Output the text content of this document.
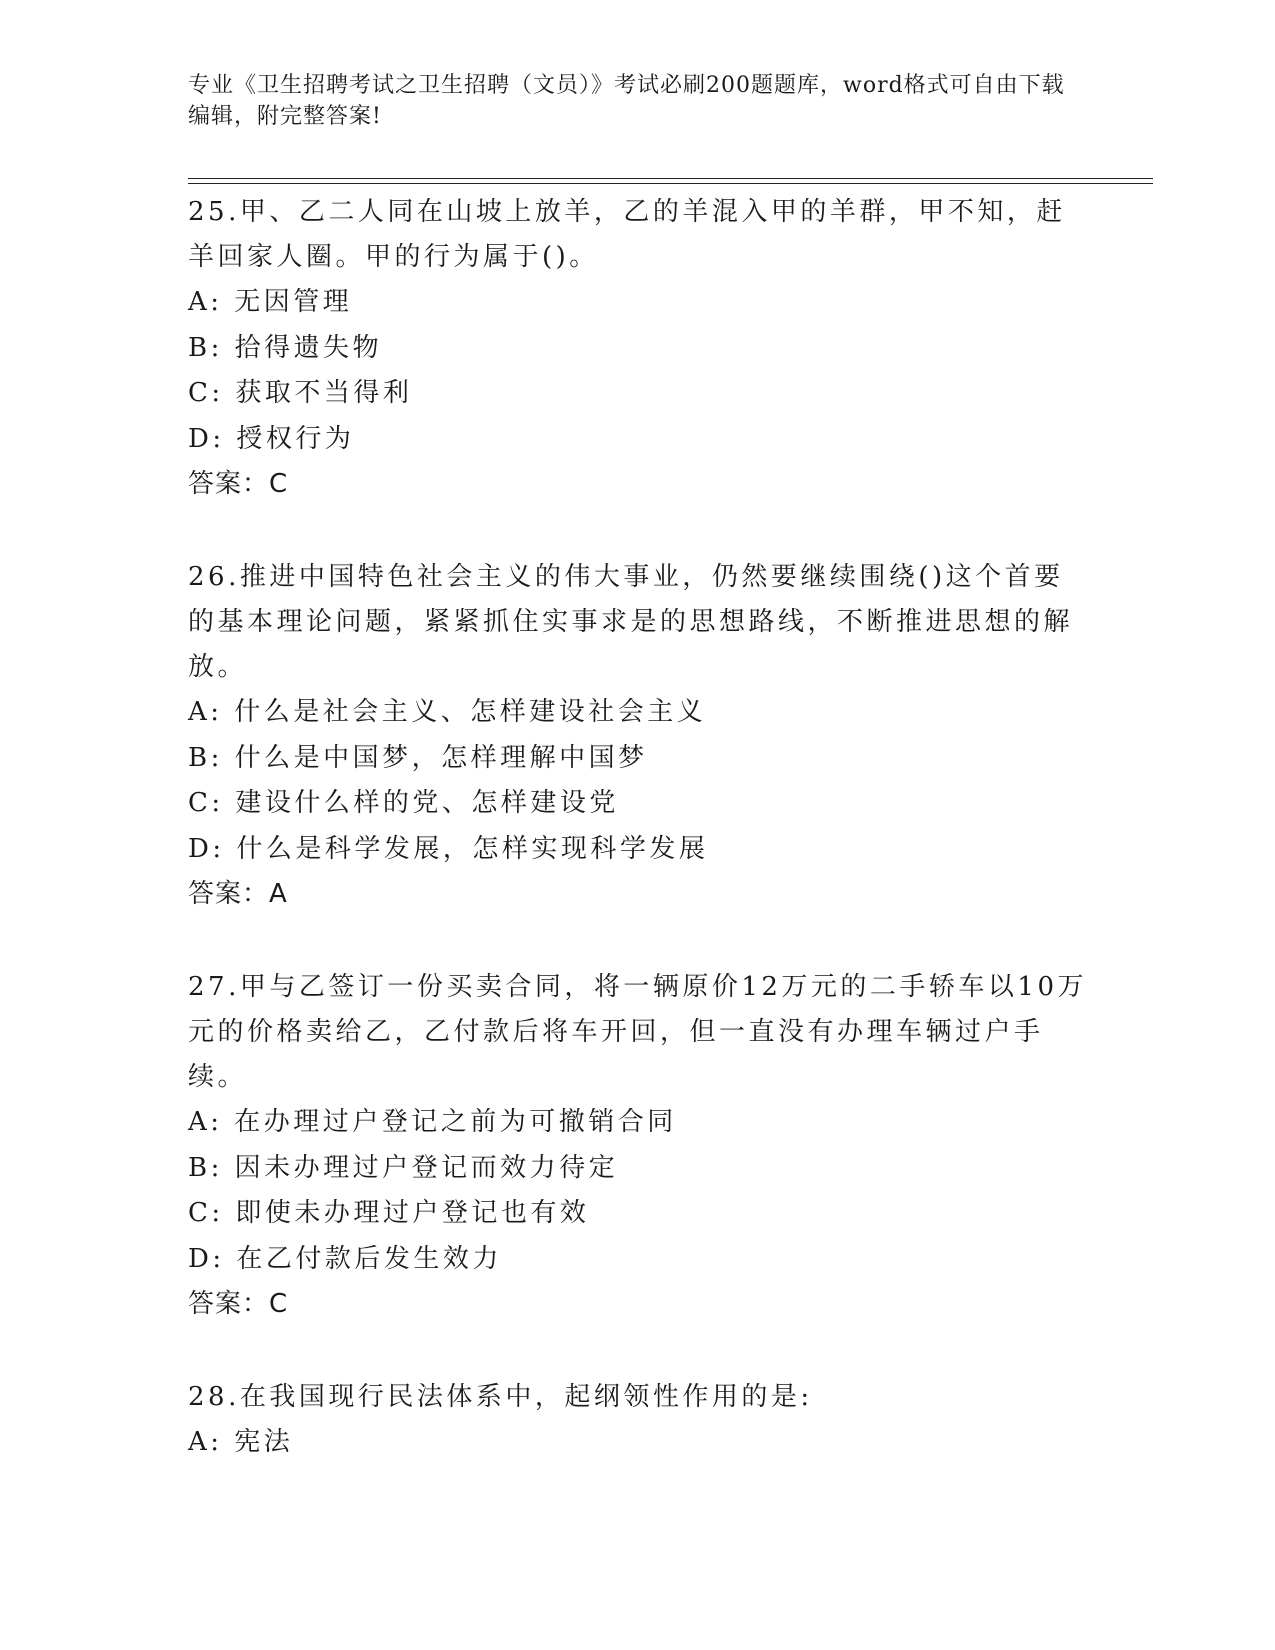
专业《卫生招聘考试之卫生招聘（文员）》考试必刷200题题库，word格式可自由下载编辑，附完整答案!
25.甲、乙二人同在山坡上放羊，乙的羊混入甲的羊群，甲不知，赶羊回家人圈。甲的行为属于()。
A: 无因管理
B: 拾得遗失物
C: 获取不当得利
D: 授权行为
答案：C
26.推进中国特色社会主义的伟大事业，仍然要继续围绕()这个首要的基本理论问题，紧紧抓住实事求是的思想路线，不断推进思想的解放。
A: 什么是社会主义、怎样建设社会主义
B: 什么是中国梦，怎样理解中国梦
C: 建设什么样的党、怎样建设党
D: 什么是科学发展，怎样实现科学发展
答案：A
27.甲与乙签订一份买卖合同，将一辆原价12万元的二手轿车以10万元的价格卖给乙，乙付款后将车开回，但一直没有办理车辆过户手续。
A: 在办理过户登记之前为可撤销合同
B: 因未办理过户登记而效力待定
C: 即使未办理过户登记也有效
D: 在乙付款后发生效力
答案：C
28.在我国现行民法体系中，起纲领性作用的是:
A: 宪法
